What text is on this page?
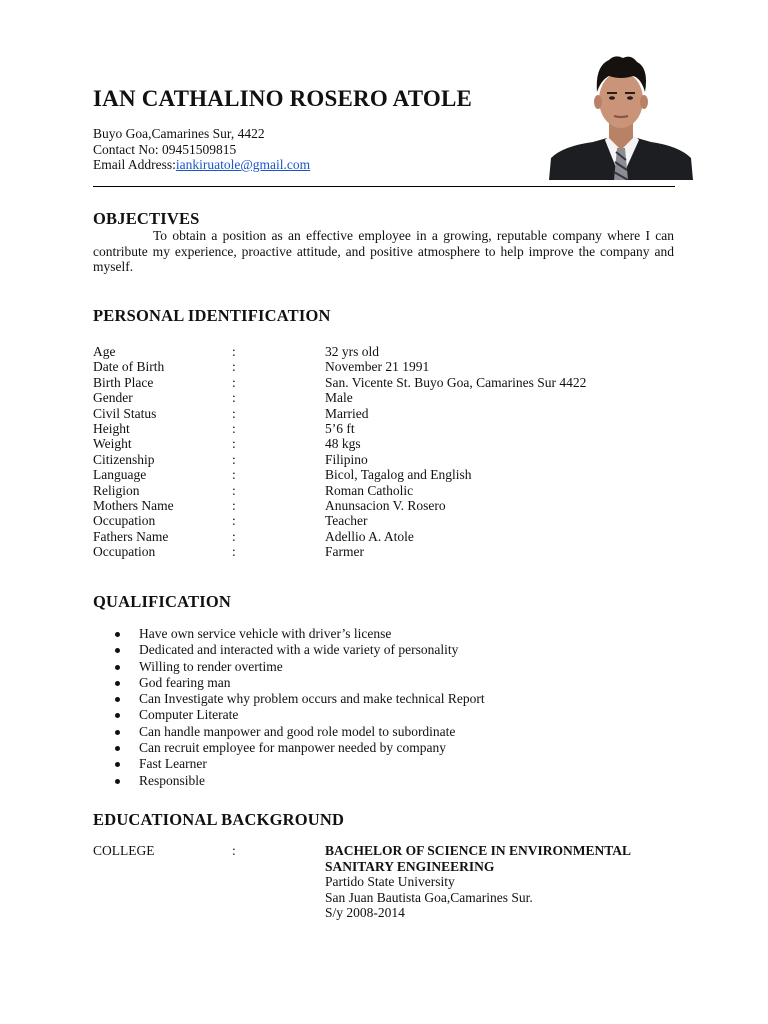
IAN CATHALINO ROSERO ATOLE
Buyo Goa,Camarines Sur, 4422
Contact No: 09451509815
Email Address:iankiruatole@gmail.com
OBJECTIVES

To obtain a position as an effective employee in a growing, reputable company where I can contribute my experience, proactive attitude, and positive atmosphere to help improve the company and myself.

PERSONAL IDENTIFICATION
Age	:	32 yrs old
Date of Birth	:	November 21 1991
Birth Place	:	San. Vicente St. Buyo Goa, Camarines Sur 4422
Gender	:	Male
Civil Status	:	Married
Height	:	5’6 ft
Weight	:	48 kgs
Citizenship	:	Filipino
Language	:	Bicol, Tagalog and English
Religion	:	Roman Catholic
Mothers Name	:	Anunsacion V. Rosero
Occupation	:	Teacher
Fathers Name	:	Adellio A. Atole
Occupation	:	Farmer
QUALIFICATION
Have own service vehicle with driver’s license
Dedicated and interacted with a wide variety of personality
Willing to render overtime
God fearing man
Can Investigate why problem occurs and make technical Report
Computer Literate
Can handle manpower and good role model to subordinate
Can recruit employee for manpower needed by company
Fast Learner
Responsible
EDUCATIONAL BACKGROUND
COLLEGE	:	BACHELOR OF SCIENCE IN ENVIRONMENTAL
SANITARY ENGINEERING
Partido State University
San Juan Bautista Goa,Camarines Sur.
S/y 2008-2014
